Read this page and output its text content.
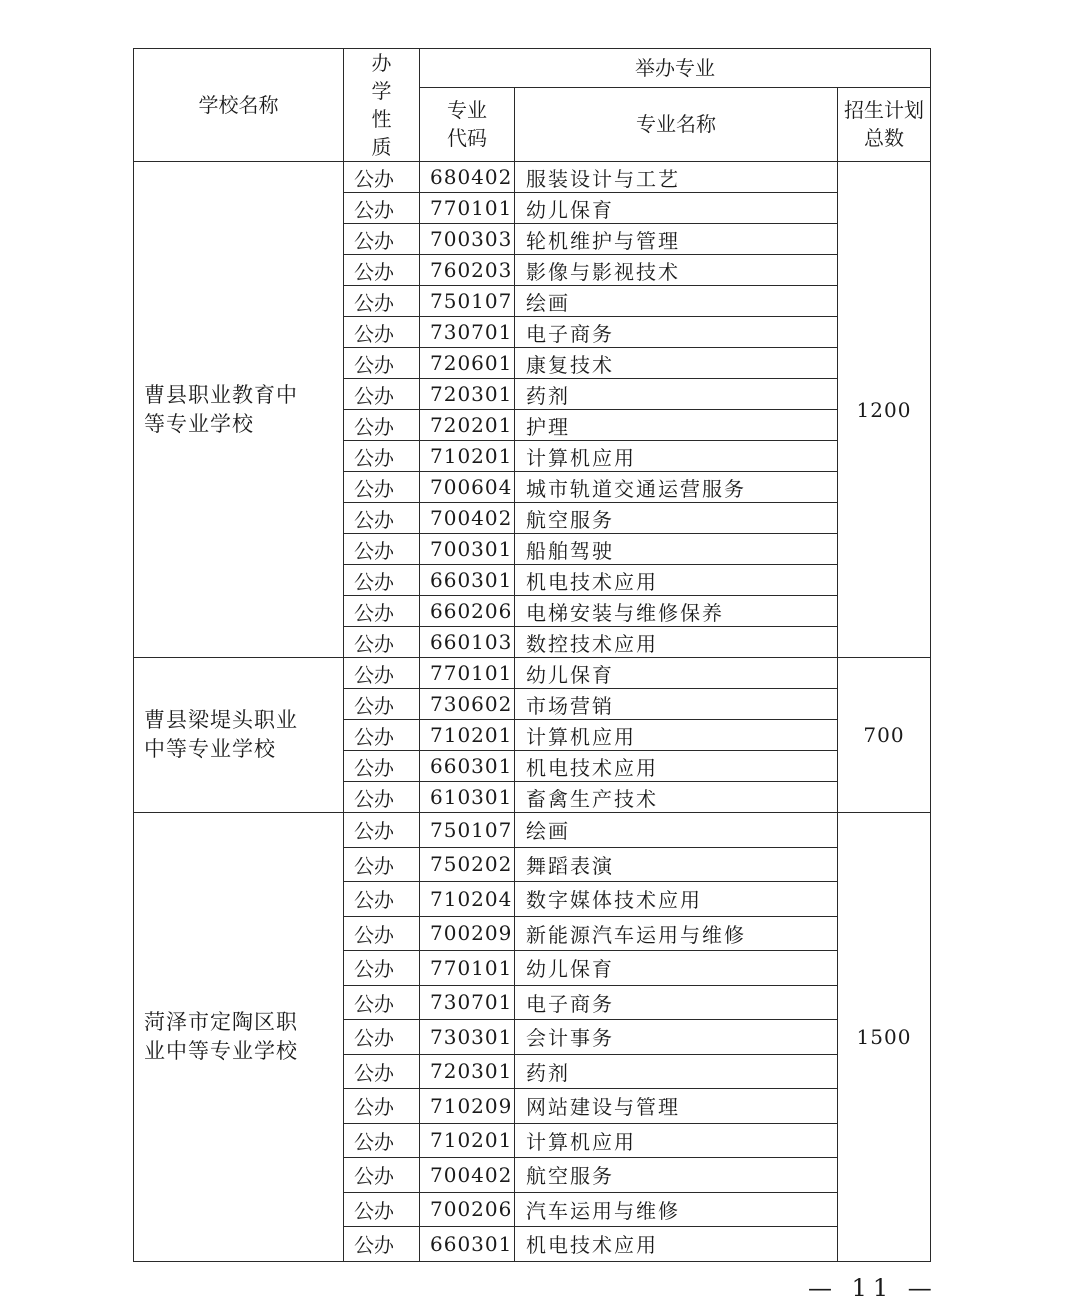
学校名称	办学性质	举办专业		
		专业代码	专业名称	招生计划总数
曹县职业教育中等专业学校	公办	680402	服装设计与工艺	1200
	公办	770101	幼儿保育	
	公办	700303	轮机维护与管理	
	公办	760203	影像与影视技术	
	公办	750107	绘画	
	公办	730701	电子商务	
	公办	720601	康复技术	
	公办	720301	药剂	
	公办	720201	护理	
	公办	710201	计算机应用	
	公办	700604	城市轨道交通运营服务	
	公办	700402	航空服务	
	公办	700301	船舶驾驶	
	公办	660301	机电技术应用	
	公办	660206	电梯安装与维修保养	
	公办	660103	数控技术应用	
曹县梁堤头职业中等专业学校	公办	770101	幼儿保育	700
	公办	730602	市场营销	
	公办	710201	计算机应用	
	公办	660301	机电技术应用	
	公办	610301	畜禽生产技术	
菏泽市定陶区职业中等专业学校	公办	750107	绘画	1500
	公办	750202	舞蹈表演	
	公办	710204	数字媒体技术应用	
	公办	700209	新能源汽车运用与维修	
	公办	770101	幼儿保育	
	公办	730701	电子商务	
	公办	730301	会计事务	
	公办	720301	药剂	
	公办	710209	网站建设与管理	
	公办	710201	计算机应用	
	公办	700402	航空服务	
	公办	700206	汽车运用与维修	
	公办	660301	机电技术应用	
— 11 —
